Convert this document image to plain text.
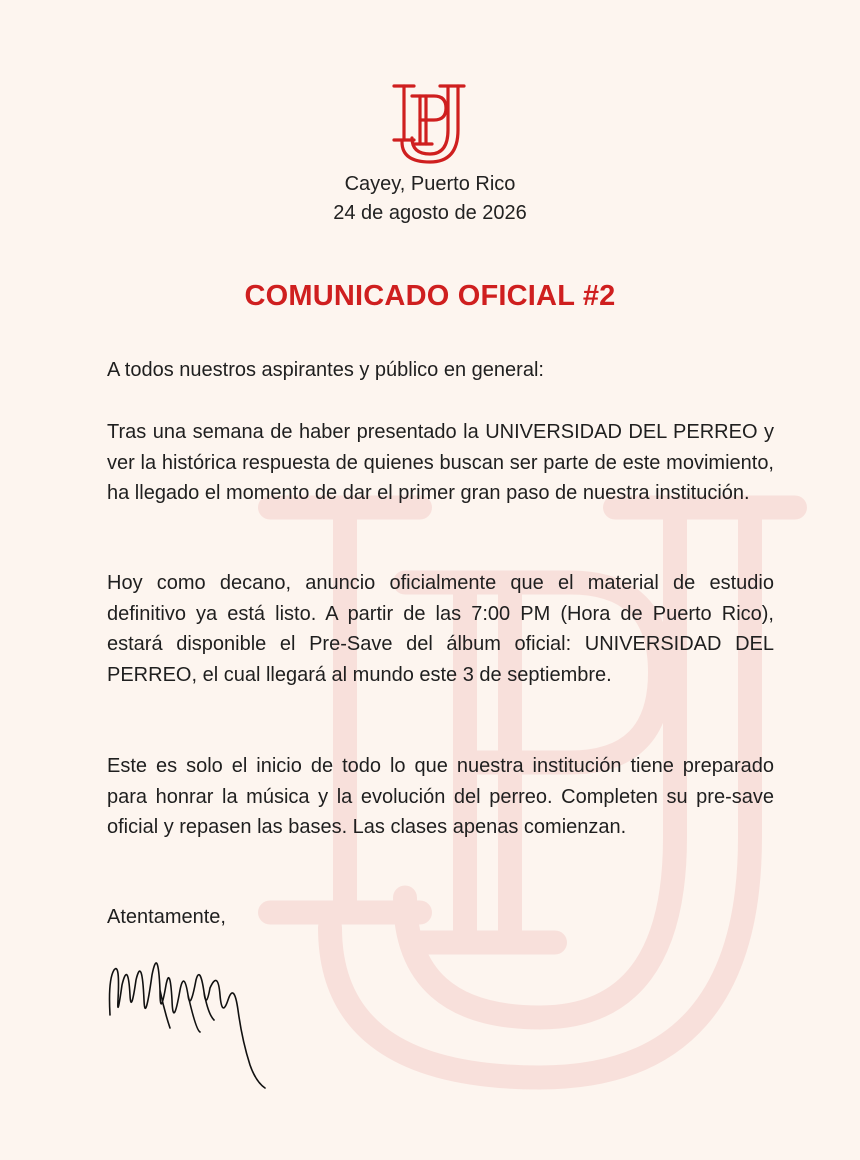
Cayey, Puerto Rico
24 de agosto de 2026
COMUNICADO OFICIAL #2
A todos nuestros aspirantes y público en general:
Tras una semana de haber presentado la UNIVERSIDAD DEL PERREO y ver la histórica respuesta de quienes buscan ser parte de este movimiento, ha llegado el momento de dar el primer gran paso de nuestra institución.
Hoy como decano, anuncio oficialmente que el material de estudio definitivo ya está listo. A partir de las 7:00 PM (Hora de Puerto Rico), estará disponible el Pre-Save del álbum oficial: UNIVERSIDAD DEL PERREO, el cual llegará al mundo este 3 de septiembre.
Este es solo el inicio de todo lo que nuestra institución tiene preparado para honrar la música y la evolución del perreo. Completen su pre-save oficial y repasen las bases. Las clases apenas comienzan.
Atentamente,
